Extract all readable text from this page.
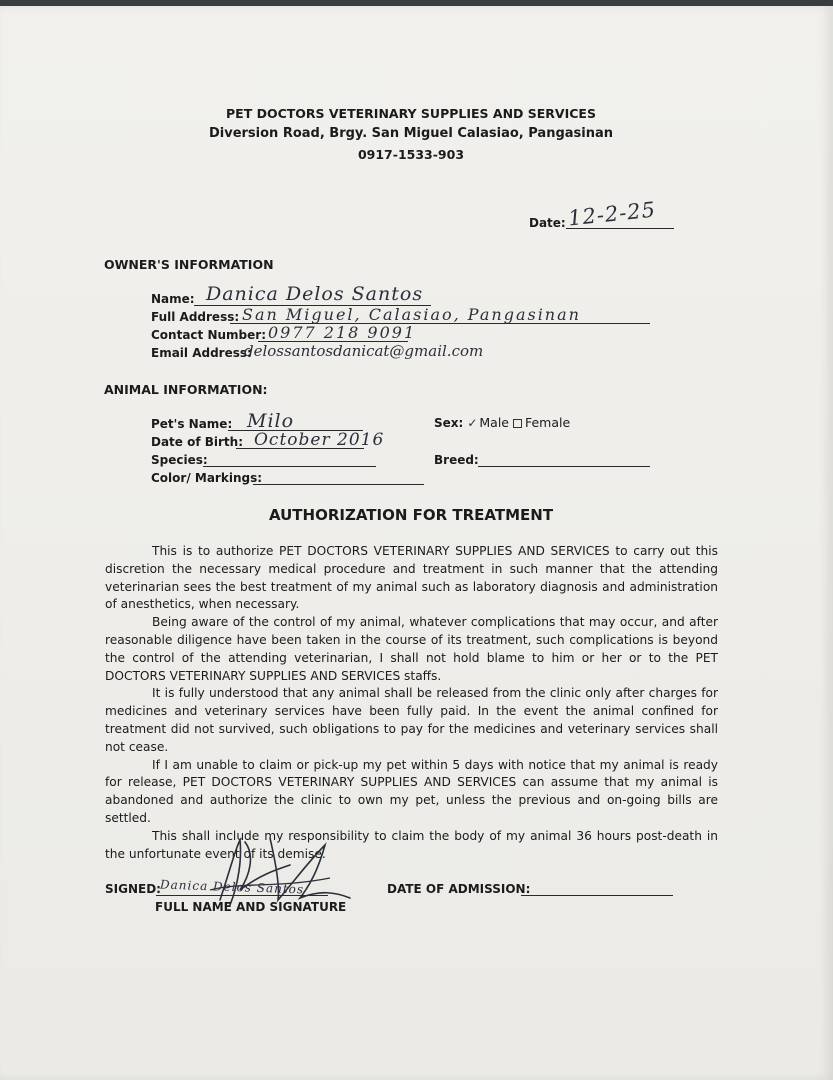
PET DOCTORS VETERINARY SUPPLIES AND SERVICES
Diversion Road, Brgy. San Miguel Calasiao, Pangasinan
0917-1533-903
Date: 12-2-25
OWNER'S INFORMATION
Name: Danica Delos Santos
Full Address: San Miguel, Calasiao, Pangasinan
Contact Number: 0977 218 9091
Email Address:
delossantosdanicat@gmail.com
ANIMAL INFORMATION:
Pet's Name: Milo
Date of Birth: October 2016
Species:
Color/ Markings:
Sex: ✓ Male Female
Breed:
AUTHORIZATION FOR TREATMENT

This is to authorize PET DOCTORS VETERINARY SUPPLIES AND SERVICES to carry out this discretion the necessary medical procedure and treatment in such manner that the attending veterinarian sees the best treatment of my animal such as laboratory diagnosis and administration of anesthetics, when necessary.

Being aware of the control of my animal, whatever complications that may occur, and after reasonable diligence have been taken in the course of its treatment, such complications is beyond the control of the attending veterinarian, I shall not hold blame to him or her or to the PET DOCTORS VETERINARY SUPPLIES AND SERVICES staffs.

It is fully understood that any animal shall be released from the clinic only after charges for medicines and veterinary services have been fully paid. In the event the animal confined for treatment did not survived, such obligations to pay for the medicines and veterinary services shall not cease.

If I am unable to claim or pick-up my pet within 5 days with notice that my animal is ready for release, PET DOCTORS VETERINARY SUPPLIES AND SERVICES can assume that my animal is abandoned and authorize the clinic to own my pet, unless the previous and on-going bills are settled.

This shall include my responsibility to claim the body of my animal 36 hours post-death in the unfortunate event of its demise.

SIGNED:
Danica Delos Santos
FULL NAME AND SIGNATURE
DATE OF ADMISSION:
